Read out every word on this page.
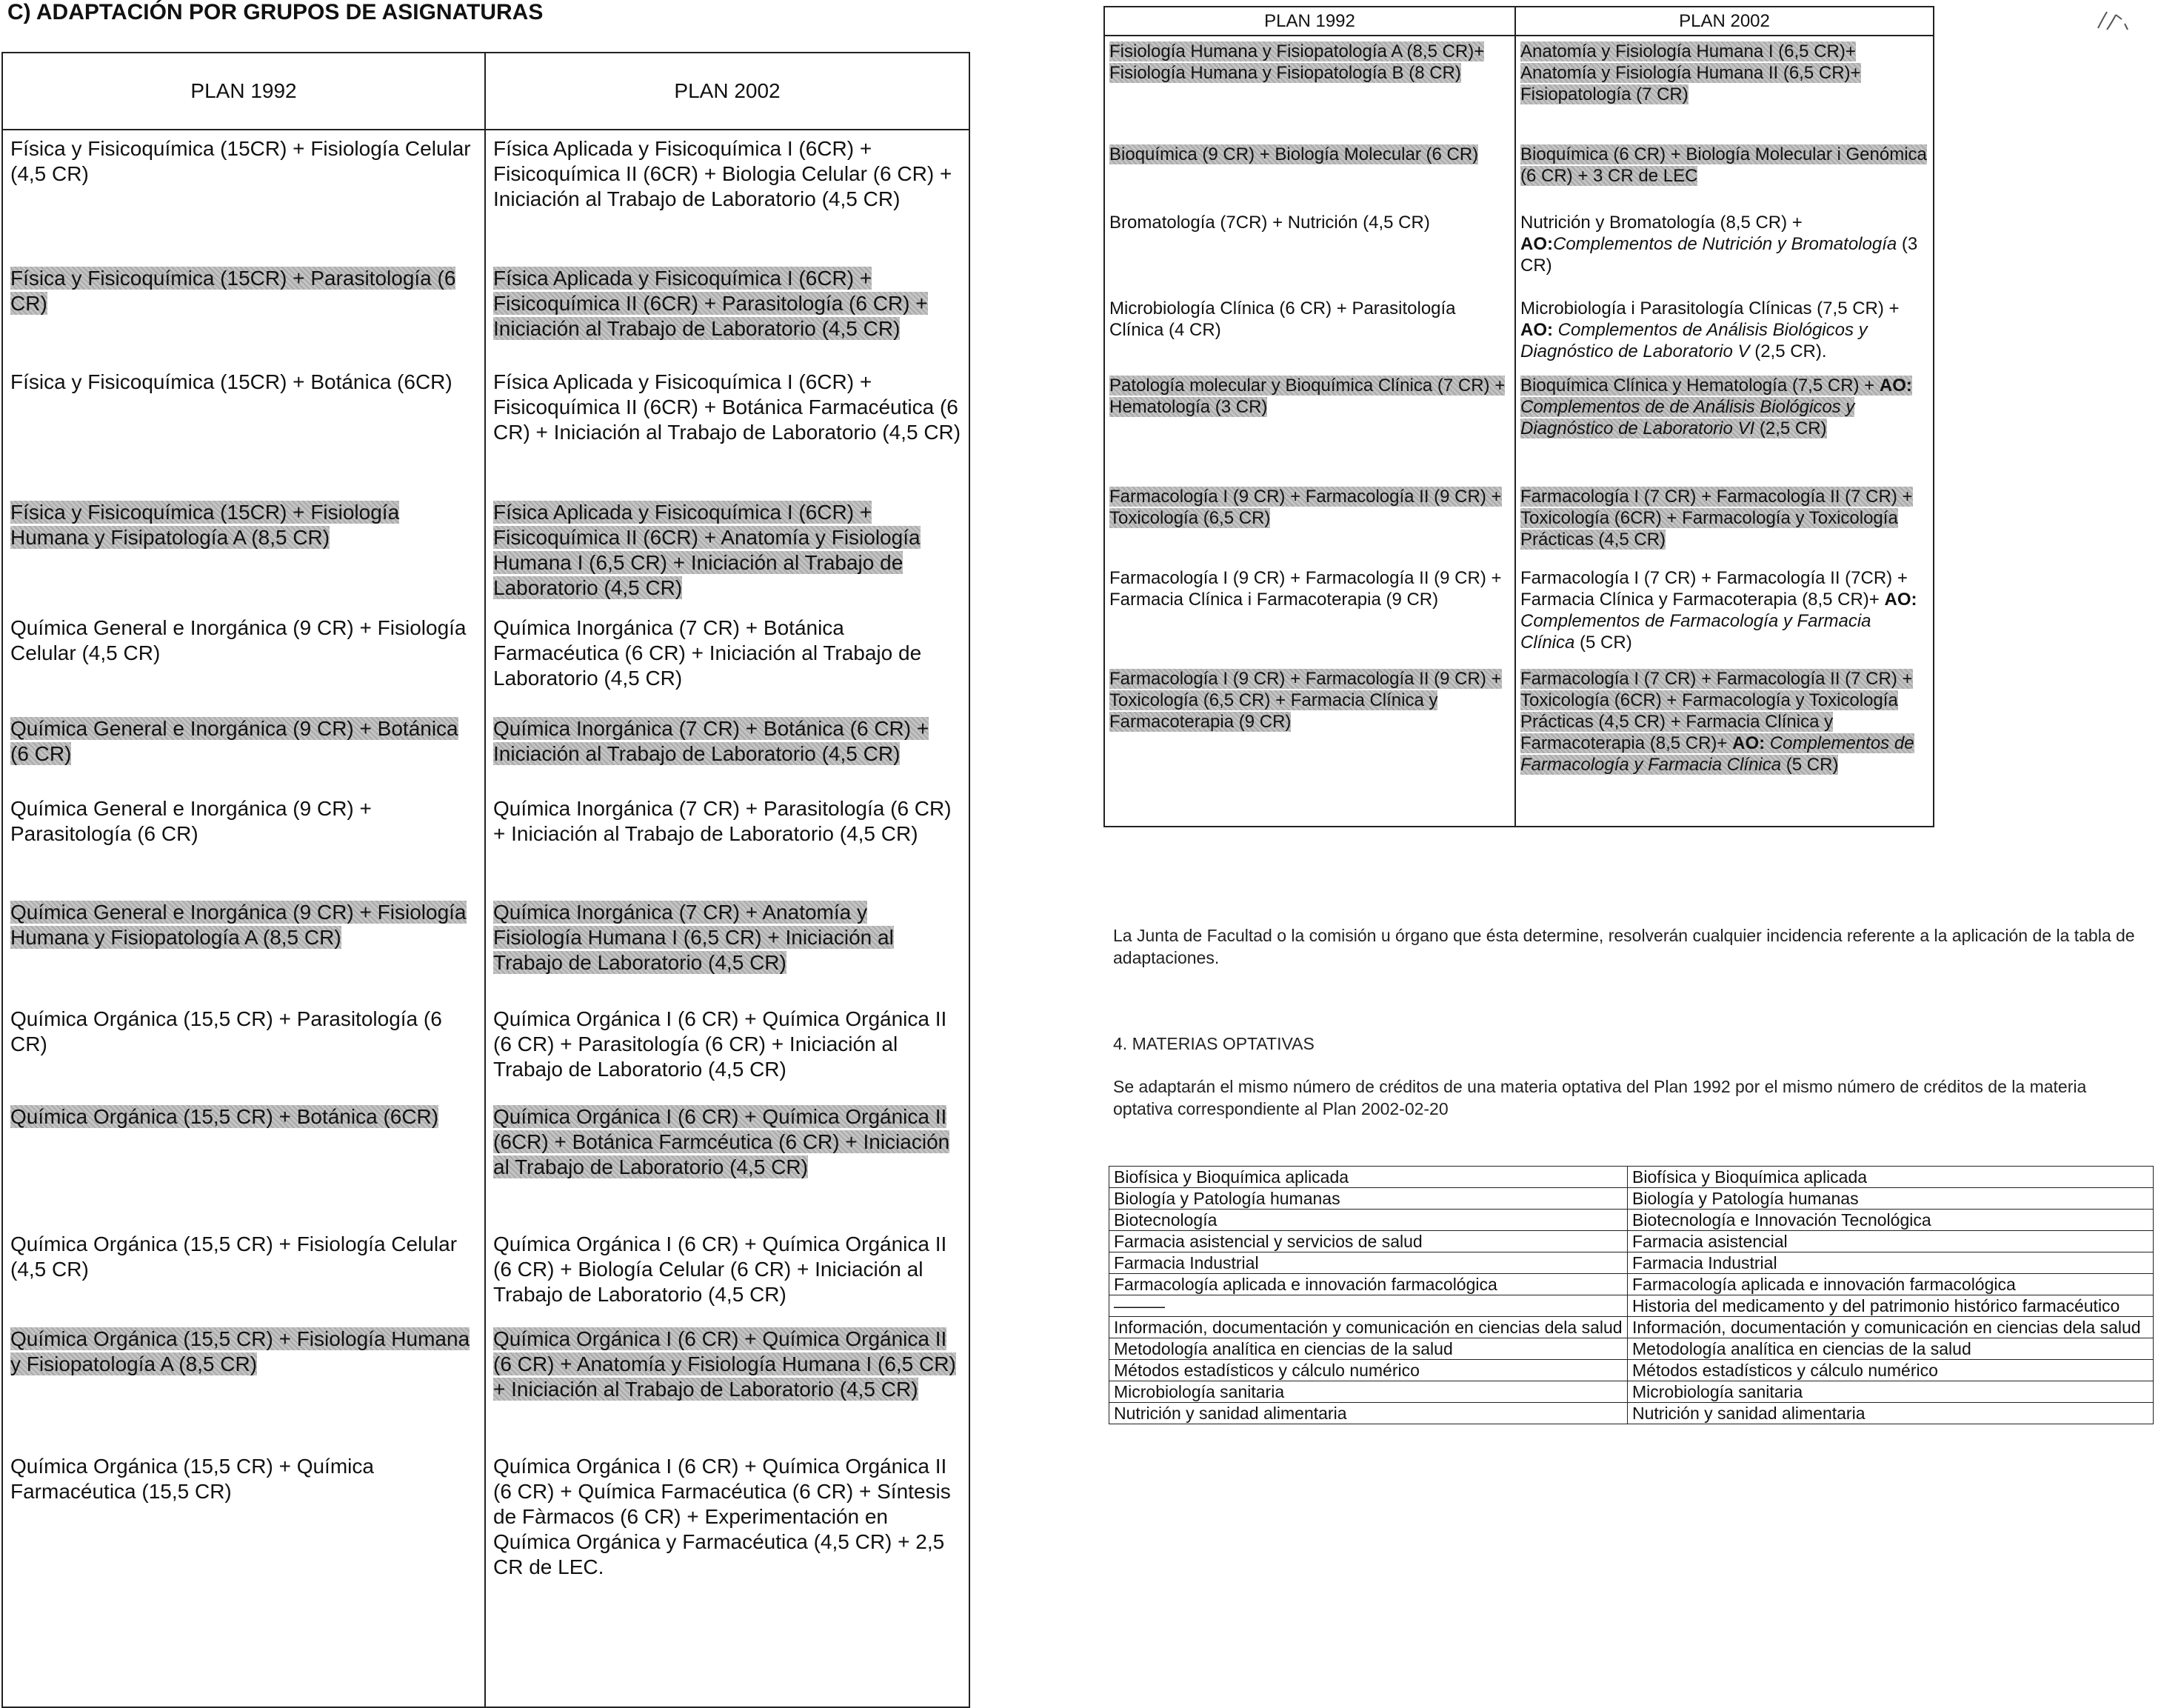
C) ADAPTACIÓN POR GRUPOS DE ASIGNATURAS
PLAN 1992	PLAN 2002
Física y Fisicoquímica (15CR) + Fisiología Celular (4,5 CR)	Física Aplicada y Fisicoquímica I (6CR) + Fisicoquímica II (6CR) + Biologia Celular (6 CR) + Iniciación al Trabajo de Laboratorio (4,5 CR)
Física y Fisicoquímica (15CR) + Parasitología (6 CR)	Física Aplicada y Fisicoquímica I (6CR) + Fisicoquímica II (6CR) + Parasitología (6 CR) + Iniciación al Trabajo de Laboratorio (4,5 CR)
Física y Fisicoquímica (15CR) + Botánica (6CR)	Física Aplicada y Fisicoquímica I (6CR) + Fisicoquímica II (6CR) + Botánica Farmacéutica (6 CR) + Iniciación al Trabajo de Laboratorio (4,5 CR)
Física y Fisicoquímica (15CR) + Fisiología Humana y Fisipatología A (8,5 CR)	Física Aplicada y Fisicoquímica I (6CR) + Fisicoquímica II (6CR) + Anatomía y Fisiología Humana I (6,5 CR) + Iniciación al Trabajo de Laboratorio (4,5 CR)
Química General e Inorgánica (9 CR) + Fisiología Celular (4,5 CR)	Química Inorgánica (7 CR) + Botánica Farmacéutica (6 CR) + Iniciación al Trabajo de Laboratorio (4,5 CR)
Química General e Inorgánica (9 CR) + Botánica (6 CR)	Química Inorgánica (7 CR) + Botánica (6 CR) + Iniciación al Trabajo de Laboratorio (4,5 CR)
Química General e Inorgánica (9 CR) + Parasitología (6 CR)	Química Inorgánica (7 CR) + Parasitología (6 CR) + Iniciación al Trabajo de Laboratorio (4,5 CR)
Química General e Inorgánica (9 CR) + Fisiología Humana y Fisiopatología A (8,5 CR)	Química Inorgánica (7 CR) + Anatomía y Fisiología Humana I (6,5 CR) + Iniciación al Trabajo de Laboratorio (4,5 CR)
Química Orgánica (15,5 CR) + Parasitología (6 CR)	Química Orgánica I (6 CR) + Química Orgánica II (6 CR) + Parasitología (6 CR) + Iniciación al Trabajo de Laboratorio (4,5 CR)
Química Orgánica (15,5 CR) + Botánica (6CR)	Química Orgánica I (6 CR) + Química Orgánica II (6CR) + Botánica Farmcéutica (6 CR) + Iniciación al Trabajo de Laboratorio (4,5 CR)
Química Orgánica (15,5 CR) + Fisiología Celular (4,5 CR)	Química Orgánica I (6 CR) + Química Orgánica II (6 CR) + Biología Celular (6 CR) + Iniciación al Trabajo de Laboratorio (4,5 CR)
Química Orgánica (15,5 CR) + Fisiología Humana y Fisiopatología A (8,5 CR)	Química Orgánica I (6 CR) + Química Orgánica II (6 CR) + Anatomía y Fisiología Humana I (6,5 CR) + Iniciación al Trabajo de Laboratorio (4,5 CR)
Química Orgánica (15,5 CR) + Química Farmacéutica (15,5 CR)	Química Orgánica I (6 CR) + Química Orgánica II (6 CR) + Química Farmacéutica (6 CR) + Síntesis de Fàrmacos (6 CR) + Experimentación en Química Orgánica y Farmacéutica (4,5 CR) + 2,5 CR de LEC.
PLAN 1992	PLAN 2002
Fisiología Humana y Fisiopatología A (8,5 CR)+ Fisiología Humana y Fisiopatología B (8 CR)	Anatomía y Fisiología Humana I (6,5 CR)+ Anatomía y Fisiología Humana II (6,5 CR)+ Fisiopatología (7 CR)
Bioquímica (9 CR) + Biología Molecular (6 CR)	Bioquímica (6 CR) + Biología Molecular i Genómica (6 CR) + 3 CR de LEC
Bromatología (7CR) + Nutrición (4,5 CR)	Nutrición y Bromatología (8,5 CR) + AO:Complementos de Nutrición y Bromatología (3 CR)
Microbiología Clínica (6 CR) + Parasitología Clínica (4 CR)	Microbiología i Parasitología Clínicas (7,5 CR) + AO: Complementos de Análisis Biológicos y Diagnóstico de Laboratorio V (2,5 CR).
Patología molecular y Bioquímica Clínica (7 CR) + Hematología (3 CR)	Bioquímica Clínica y Hematología (7,5 CR) + AO: Complementos de de Análisis Biológicos y Diagnóstico de Laboratorio VI (2,5 CR)
Farmacología I (9 CR) + Farmacología II (9 CR) + Toxicología (6,5 CR)	Farmacología I (7 CR) + Farmacología II (7 CR) + Toxicología (6CR) + Farmacología y Toxicología Prácticas (4,5 CR)
Farmacología I (9 CR) + Farmacología II (9 CR) + Farmacia Clínica i Farmacoterapia (9 CR)	Farmacología I (7 CR) + Farmacología II (7CR) + Farmacia Clínica y Farmacoterapia (8,5 CR)+ AO: Complementos de Farmacología y Farmacia Clínica (5 CR)
Farmacología I (9 CR) + Farmacología II (9 CR) + Toxicología (6,5 CR) + Farmacia Clínica y Farmacoterapia (9 CR)	Farmacología I (7 CR) + Farmacología II (7 CR) + Toxicología (6CR) + Farmacología y Toxicología Prácticas (4,5 CR) + Farmacia Clínica y Farmacoterapia (8,5 CR)+ AO: Complementos de Farmacología y Farmacia Clínica (5 CR)
La Junta de Facultad o la comisión u órgano que ésta determine, resolverán cualquier incidencia referente a la aplicación de la tabla de adaptaciones.
4. MATERIAS OPTATIVAS
Se adaptarán el mismo número de créditos de una materia optativa del Plan 1992 por el mismo número de créditos de la materia optativa correspondiente al Plan 2002-02-20
Biofísica y Bioquímica aplicada	Biofísica y Bioquímica aplicada
Biología y Patología humanas	Biología y Patología humanas
Biotecnología	Biotecnología e Innovación Tecnológica
Farmacia asistencial y servicios de salud	Farmacia asistencial
Farmacia Industrial	Farmacia Industrial
Farmacología aplicada e innovación farmacológica	Farmacología aplicada e innovación farmacológica
———	Historia del medicamento y del patrimonio histórico farmacéutico
Información, documentación y comunicación en ciencias dela salud	Información, documentación y comunicación en ciencias dela salud
Metodología analítica en ciencias de la salud	Metodología analítica en ciencias de la salud
Métodos estadísticos y cálculo numérico	Métodos estadísticos y cálculo numérico
Microbiología sanitaria	Microbiología sanitaria
Nutrición y sanidad alimentaria	Nutrición y sanidad alimentaria
